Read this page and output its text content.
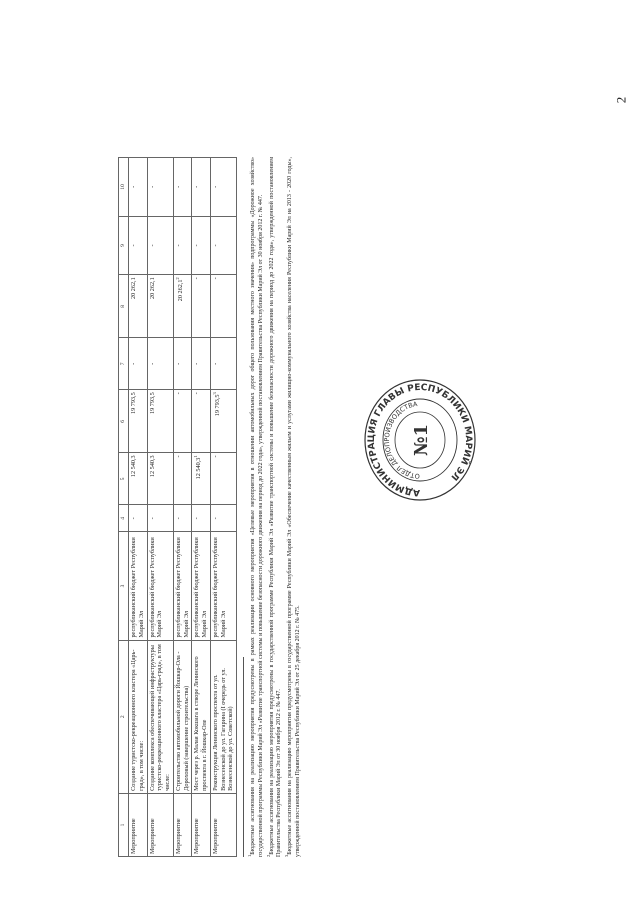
2
1	2	3	4	5	6	7	8	9	10
Мероприятие	Создание туристско-рекреационного кластера «Царь-град», в том числе:	республиканский бюджет Республики Марий Эл	-	12 540,3	19 793,5	-	20 262,1	-	-
Мероприятие	Создание комплекса обеспечивающей инфраструктуры туристско-рекреационного кластера «Царь-град», в том числе:	республиканский бюджет Республики Марий Эл	-	12 540,3	19 793,5	-	20 262,1	-	-
Мероприятие	Строительство автомобильной дороги Йошкар-Ола - Дороховый (завершение строительства)	республиканский бюджет Республики Марий Эл	-	-	-	-	20 262,1$^2$	-	-
Мероприятие	Мост через р. Малая Кокшага в створе Ленинского проспекта в г. Йошкар-Оле	республиканский бюджет Республики Марий Эл	-	12 540,3$^1$	-	-	-	-	-
Мероприятие	Реконструкция Ленинского проспекта от ул. Вознесенской до ул. Гагарина (I очередь от ул. Вознесенской до ул. Советской)	республиканский бюджет Республики Марий Эл	-	-	19 793,5$^3$	-	-	-	-

$^1$Бюджетные ассигнования на реализацию мероприятия предусмотрены в рамках реализации основного мероприятия «Целевые мероприятия в отношении автомобильных дорог общего пользования местного значения» подпрограммы «Дорожное хозяйство» государственной программы Республики Марий Эл «Развитие транспортной системы и повышение безопасности дорожного движения на период до 2022 года», утвержденной постановлением Правительства Республики Марий Эл от 30 ноября 2012 г. № 447. $^2$Бюджетные ассигнования на реализацию мероприятия предусмотрены в государственной программе Республики Марий Эл «Развитие транспортной системы и повышение безопасности дорожного движения на период до 2022 года», утвержденной постановлением Правительства Республики Марий Эл от 30 ноября 2012 г. № 447. $^3$Бюджетные ассигнования на реализацию мероприятия предусмотрены в государственной программе Республики Марий Эл «Обеспечение качественным жильем и услугами жилищно-коммунального хозяйства населения Республики Марий Эл на 2013 - 2020 годы», утвержденной постановлением Правительства Республики Марий Эл от 25 декабря 2012 г. № 475.

АДМИНИСТРАЦИЯ ГЛАВЫ РЕСПУБЛИКИ МАРИЙ ЭЛ
ОТДЕЛ ДЕЛОПРОИЗВОДСТВА
№1
